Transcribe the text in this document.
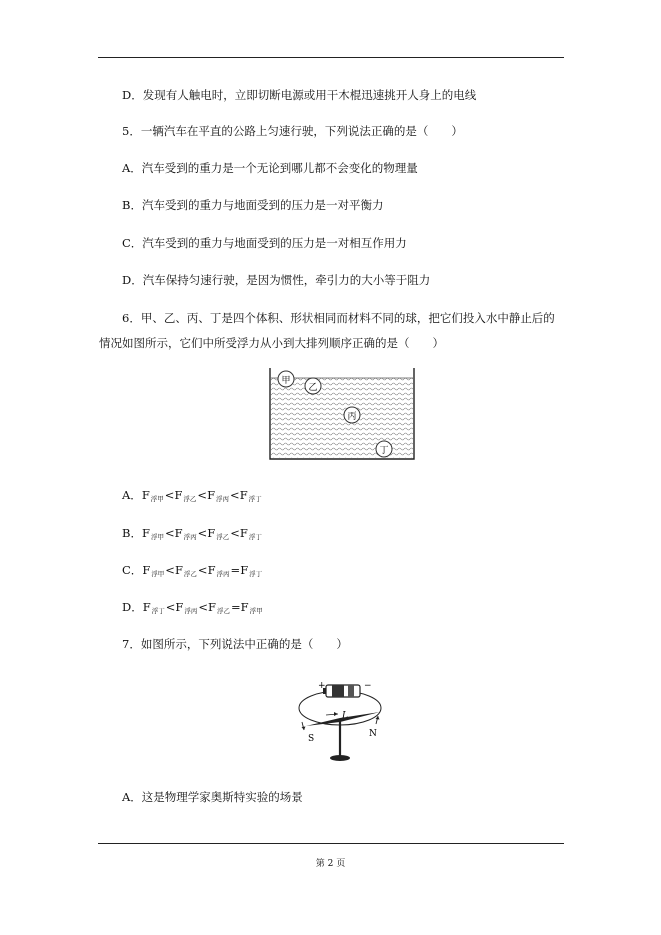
D．发现有人触电时，立即切断电源或用干木棍迅速挑开人身上的电线
5．一辆汽车在平直的公路上匀速行驶，下列说法正确的是（　　）
A．汽车受到的重力是一个无论到哪儿都不会变化的物理量
B．汽车受到的重力与地面受到的压力是一对平衡力
C．汽车受到的重力与地面受到的压力是一对相互作用力
D．汽车保持匀速行驶，是因为惯性，牵引力的大小等于阻力
6．甲、乙、丙、丁是四个体积、形状相同而材料不同的球，把它们投入水中静止后的
情况如图所示，它们中所受浮力从小到大排列顺序正确的是（　　）
甲
乙
丙
丁
A．$F_{浮甲}<F_{浮乙}<F_{浮丙}<F_{浮丁}$
B．$F_{浮甲}<F_{浮丙}<F_{浮乙}<F_{浮丁}$
C．$F_{浮甲}<F_{浮乙}<F_{浮丙}=F_{浮丁}$
D．$F_{浮丁}<F_{浮丙}<F_{浮乙}=F_{浮甲}$
7．如图所示，下列说法中正确的是（　　）
+	−
L
S	N
A．这是物理学家奥斯特实验的场景
第 2 页
